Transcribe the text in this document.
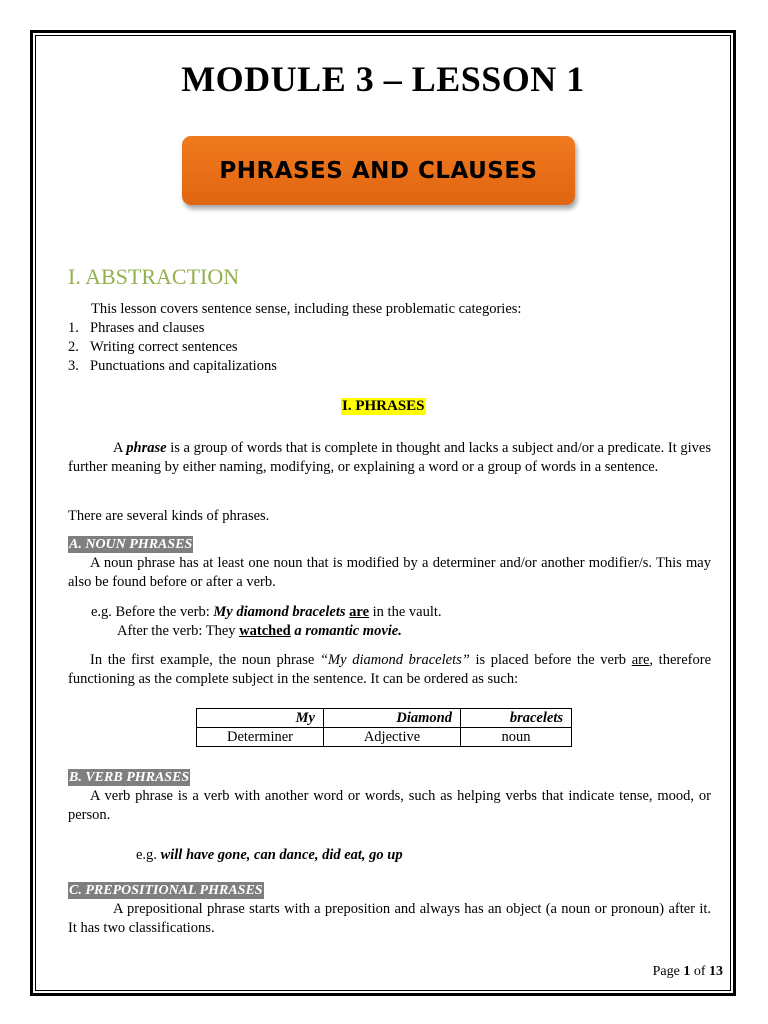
MODULE 3 – LESSON 1
PHRASES AND CLAUSES
I. ABSTRACTION
This lesson covers sentence sense, including these problematic categories:
1. Phrases and clauses
2. Writing correct sentences
3. Punctuations and capitalizations
I. PHRASES
A phrase is a group of words that is complete in thought and lacks a subject and/or a predicate. It gives further meaning by either naming, modifying, or explaining a word or a group of words in a sentence.
There are several kinds of phrases.
A. NOUN PHRASES
A noun phrase has at least one noun that is modified by a determiner and/or another modifier/s. This may also be found before or after a verb.
e.g. Before the verb: My diamond bracelets are in the vault.
After the verb: They watched a romantic movie.
In the first example, the noun phrase “My diamond bracelets” is placed before the verb are, therefore functioning as the complete subject in the sentence. It can be ordered as such:
My	Diamond	bracelets
Determiner	Adjective	noun
B. VERB PHRASES
A verb phrase is a verb with another word or words, such as helping verbs that indicate tense, mood, or person.
e.g. will have gone, can dance, did eat, go up
C. PREPOSITIONAL PHRASES
A prepositional phrase starts with a preposition and always has an object (a noun or pronoun) after it. It has two classifications.
Page 1 of 13
